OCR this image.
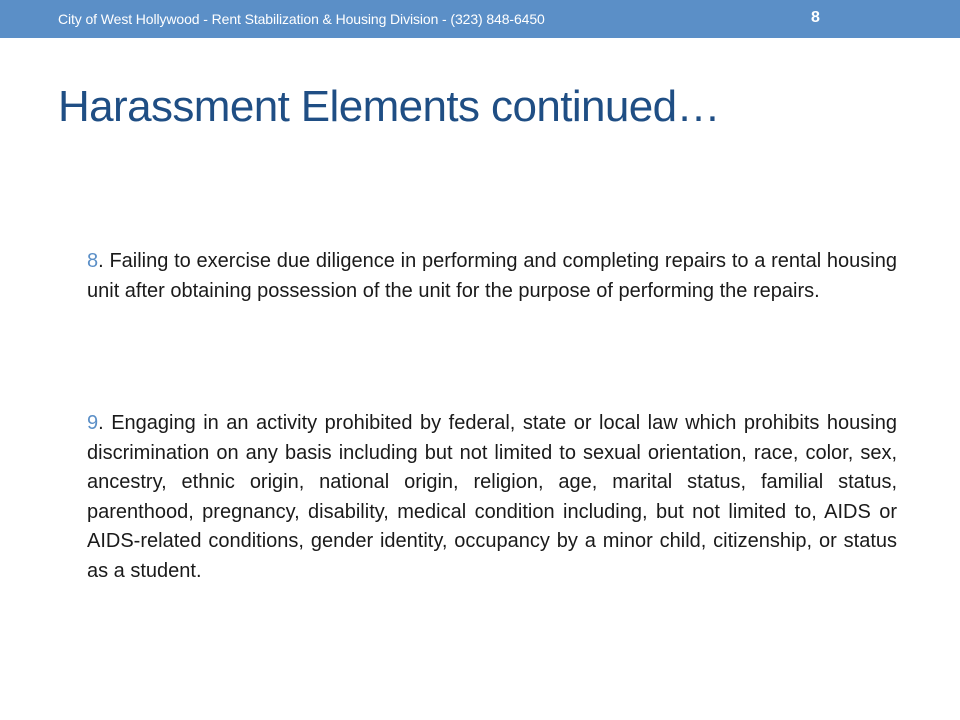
City of West Hollywood - Rent Stabilization & Housing Division - (323) 848-6450	8
Harassment Elements continued…

8. Failing to exercise due diligence in performing and completing repairs to a rental housing unit after obtaining possession of the unit for the purpose of performing the repairs.

9. Engaging in an activity prohibited by federal, state or local law which prohibits housing discrimination on any basis including but not limited to sexual orientation, race, color, sex, ancestry, ethnic origin, national origin, religion, age, marital status, familial status, parenthood, pregnancy, disability, medical condition including, but not limited to, AIDS or AIDS-related conditions, gender identity, occupancy by a minor child, citizenship, or status as a student.
